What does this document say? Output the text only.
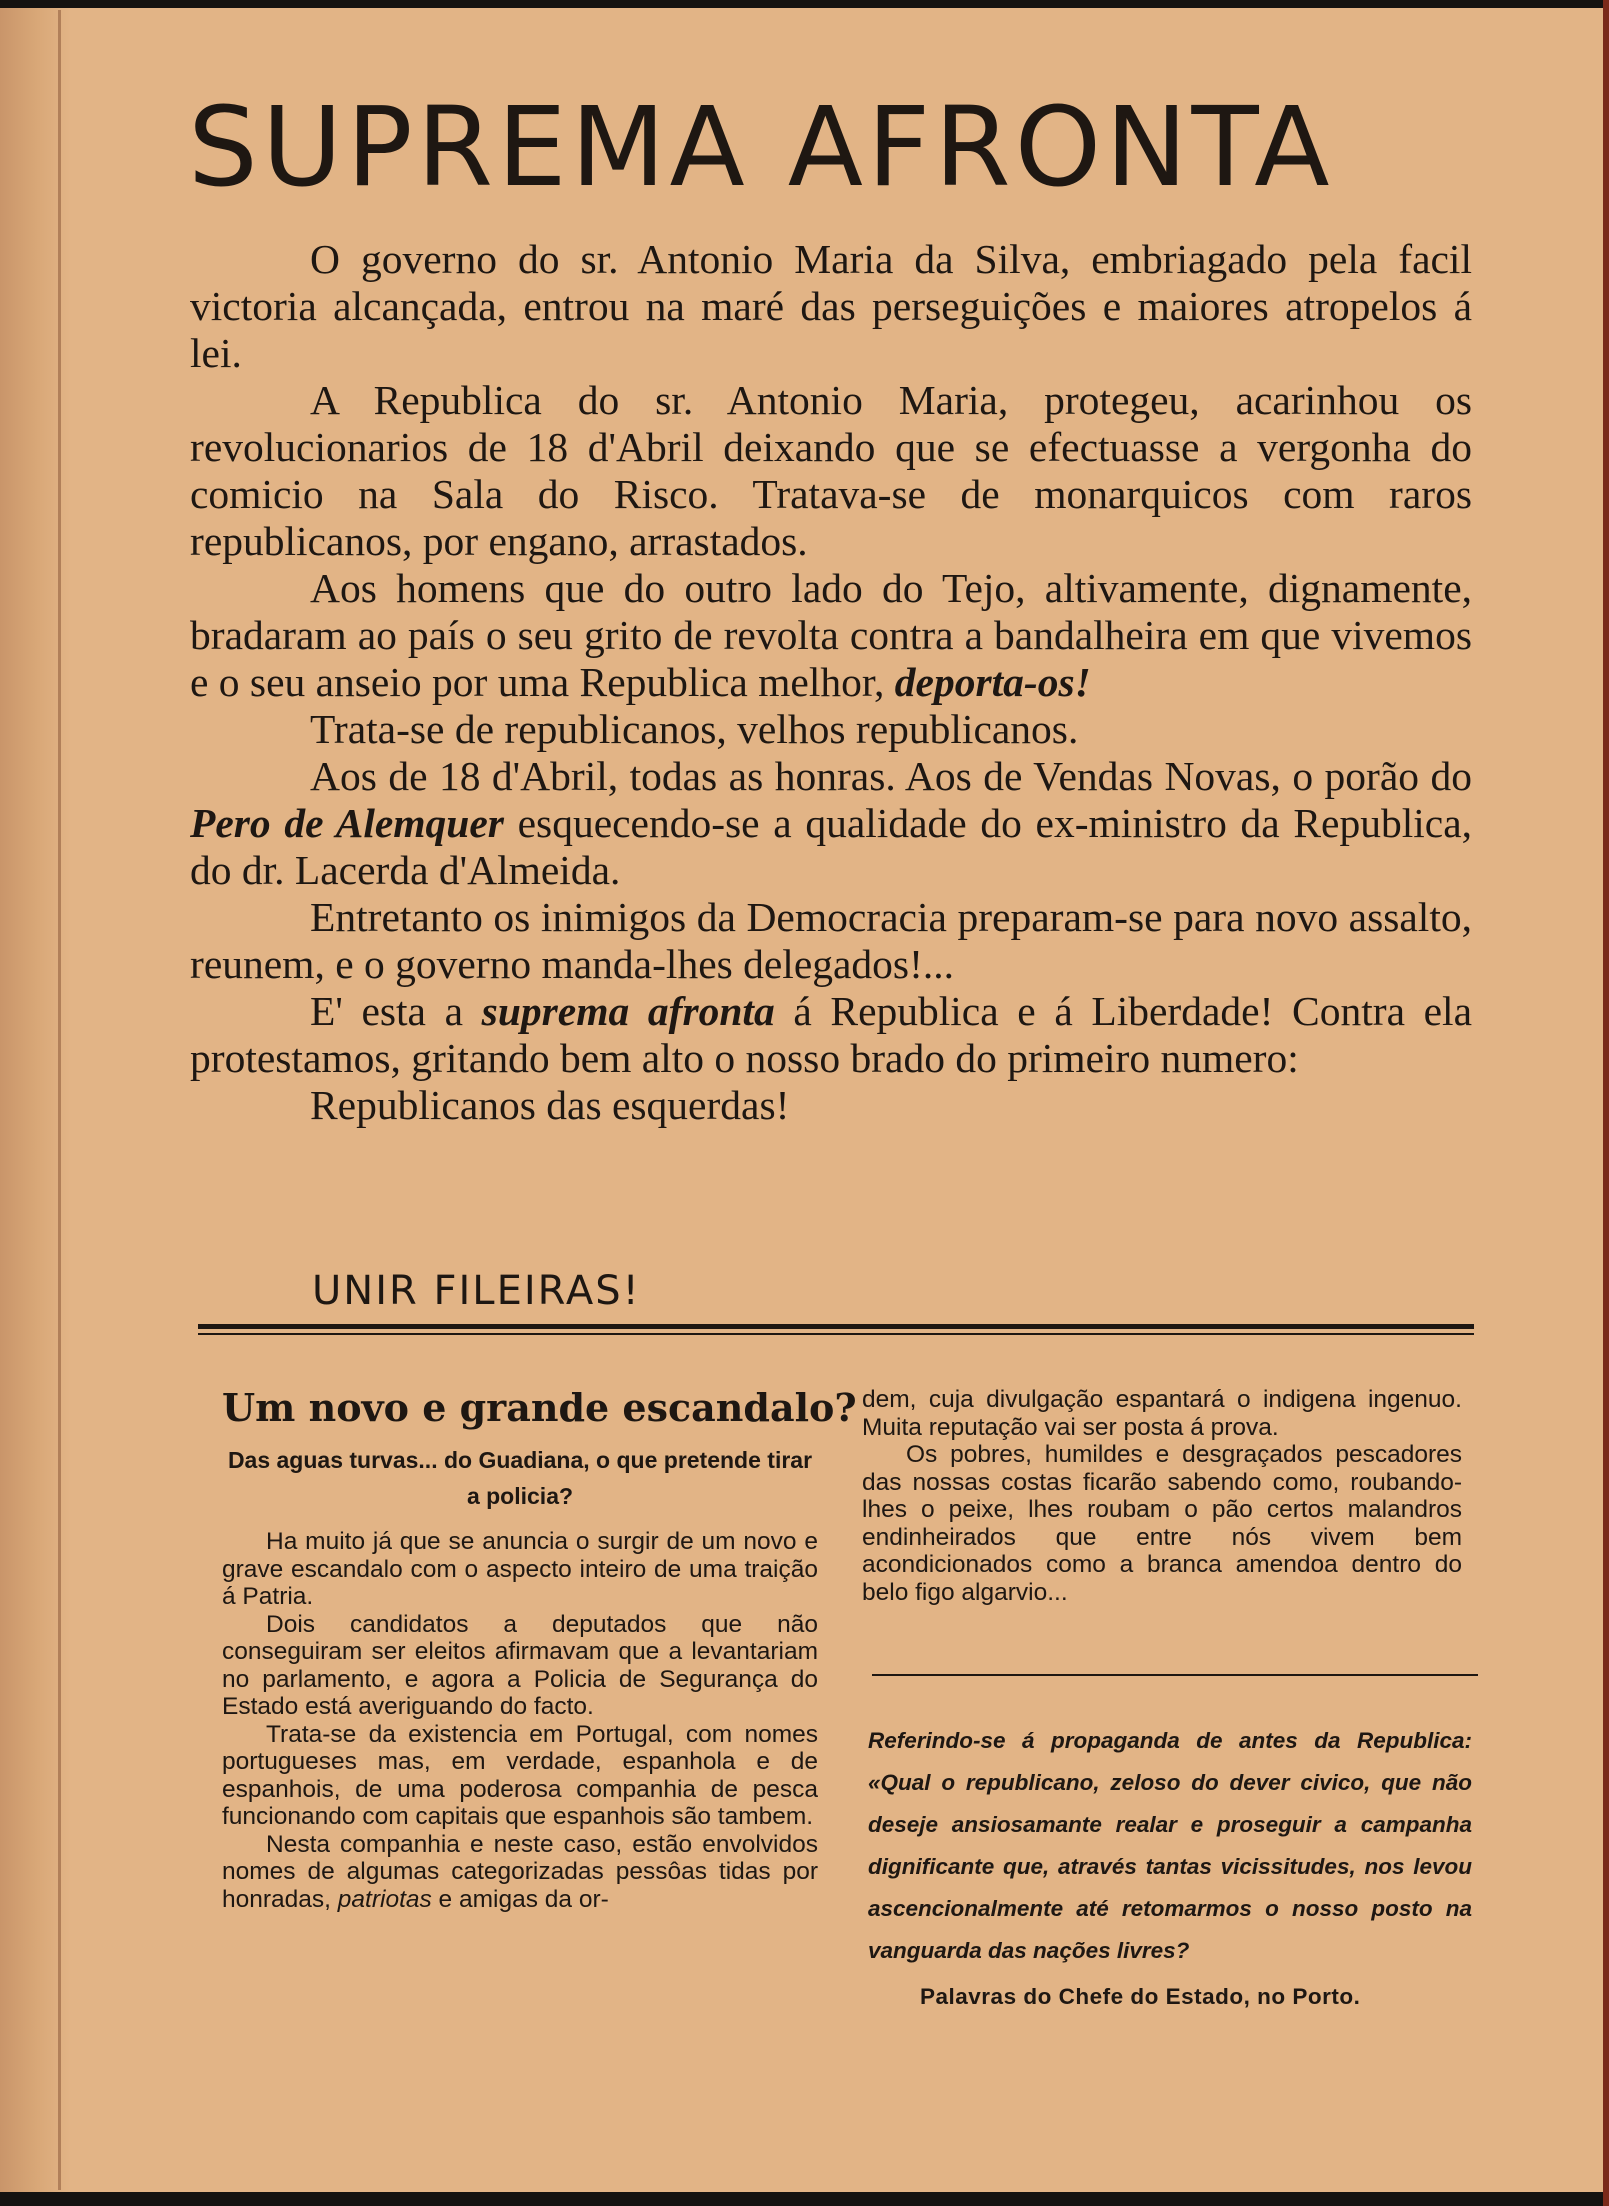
SUPREMA AFRONTA

O governo do sr. Antonio Maria da Silva, embriagado pela facil victoria alcançada, entrou na maré das perseguições e maiores atropelos á lei.

A Republica do sr. Antonio Maria, protegeu, acarinhou os revolucionarios de 18 d'Abril deixando que se efectuasse a vergonha do comicio na Sala do Risco. Tratava-se de monarquicos com raros republicanos, por engano, arrastados.

Aos homens que do outro lado do Tejo, altivamente, dignamente, bradaram ao país o seu grito de revolta contra a bandalheira em que vivemos e o seu anseio por uma Republica melhor, deporta-os!

Trata-se de republicanos, velhos republicanos.

Aos de 18 d'Abril, todas as honras. Aos de Vendas Novas, o porão do Pero de Alemquer esquecendo-se a qualidade do ex-ministro da Republica, do dr. Lacerda d'Almeida.

Entretanto os inimigos da Democracia preparam-se para novo assalto, reunem, e o governo manda-lhes delegados!...

E' esta a suprema afronta á Republica e á Liberdade! Contra ela protestamos, gritando bem alto o nosso brado do primeiro numero:

Republicanos das esquerdas!

UNIR FILEIRAS!
Um novo e grande escandalo?
Das aguas turvas... do Guadiana, o que pretende tirar a policia?

Ha muito já que se anuncia o surgir de um novo e grave escandalo com o aspecto inteiro de uma traição á Patria.

Dois candidatos a deputados que não conseguiram ser eleitos afirmavam que a levantariam no parlamento, e agora a Policia de Segurança do Estado está averiguando do facto.

Trata-se da existencia em Portugal, com nomes portugueses mas, em verdade, espanhola e de espanhois, de uma poderosa companhia de pesca funcionando com capitais que espanhois são tambem.

Nesta companhia e neste caso, estão envolvidos nomes de algumas categorizadas pessôas tidas por honradas, patriotas e amigas da or-

dem, cuja divulgação espantará o indigena ingenuo. Muita reputação vai ser posta á prova.

Os pobres, humildes e desgraçados pescadores das nossas costas ficarão sabendo como, roubando-lhes o peixe, lhes roubam o pão certos malandros endinheirados que entre nós vivem bem acondicionados como a branca amendoa dentro do belo figo algarvio...

Referindo-se á propaganda de antes da Republica: «Qual o republicano, zeloso do dever civico, que não deseje ansiosamante realar e proseguir a campanha dignificante que, através tantas vicissitudes, nos levou ascencionalmente até retomarmos o nosso posto na vanguarda das nações livres?

Palavras do Chefe do Estado, no Porto.
